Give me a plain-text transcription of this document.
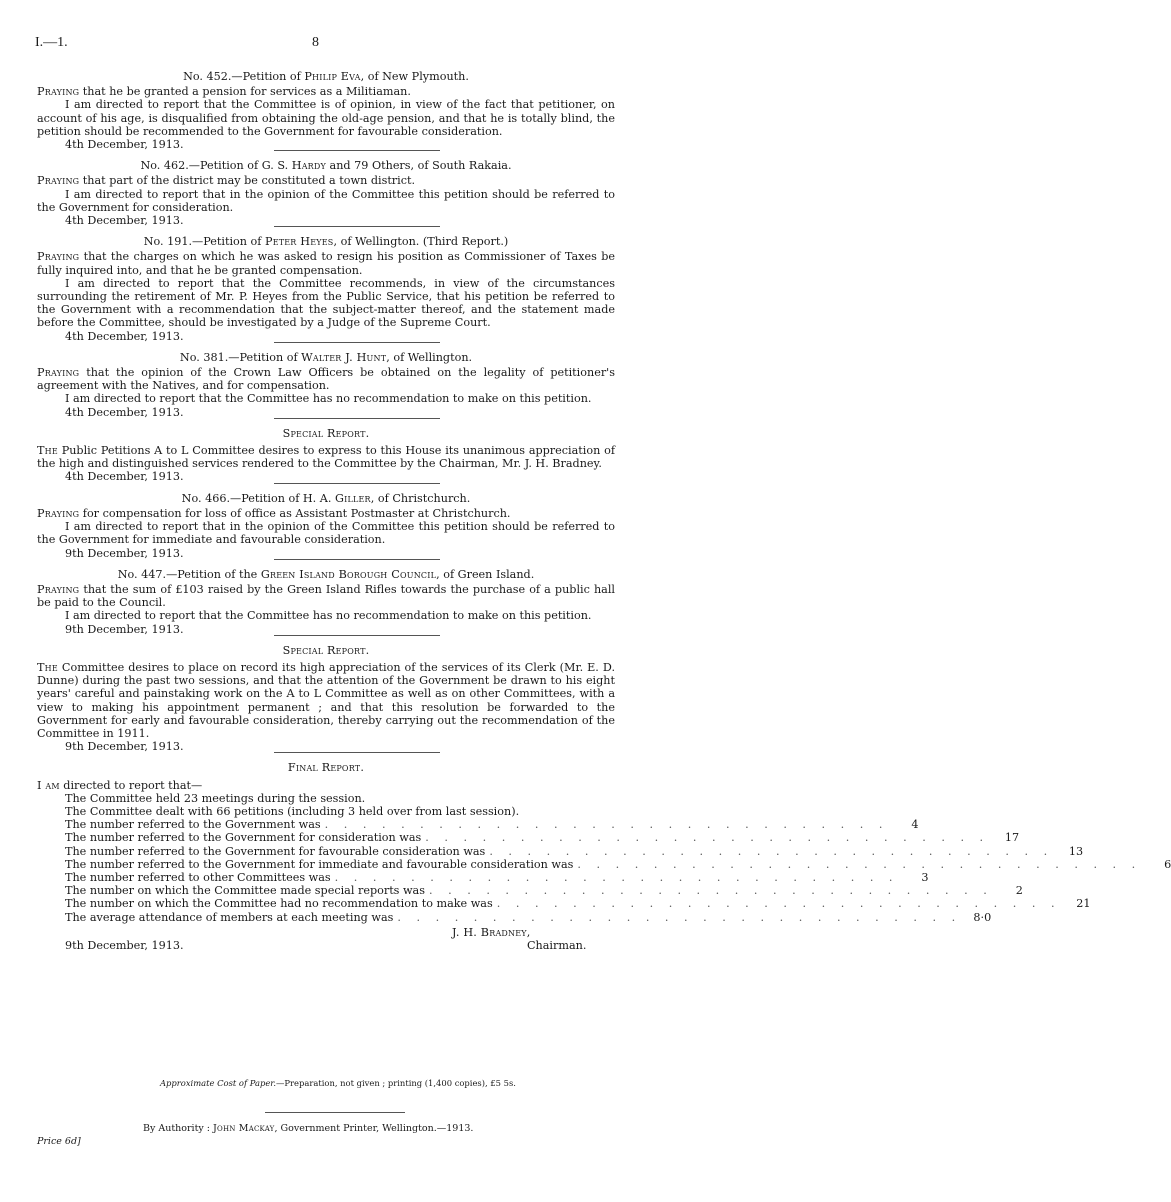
I.—1.	8
No. 452.—Petition of Philip Eva, of New Plymouth.

Praying that he be granted a pension for services as a Militiaman.

I am directed to report that the Committee is of opinion, in view of the fact that petitioner, on account of his age, is disqualified from obtaining the old-age pension, and that he is totally blind, the petition should be recommended to the Government for favourable consideration.

4th December, 1913.

No. 462.—Petition of G. S. Hardy and 79 Others, of South Rakaia.

Praying that part of the district may be constituted a town district.

I am directed to report that in the opinion of the Committee this petition should be referred to the Government for consideration.

4th December, 1913.

No. 191.—Petition of Peter Heyes, of Wellington. (Third Report.)

Praying that the charges on which he was asked to resign his position as Commissioner of Taxes be fully inquired into, and that he be granted compensation.

I am directed to report that the Committee recommends, in view of the circumstances surrounding the retirement of Mr. P. Heyes from the Public Service, that his petition be referred to the Government with a recommendation that the subject-matter thereof, and the statement made before the Committee, should be investigated by a Judge of the Supreme Court.

4th December, 1913.

No. 381.—Petition of Walter J. Hunt, of Wellington.

Praying that the opinion of the Crown Law Officers be obtained on the legality of petitioner's agreement with the Natives, and for compensation.

I am directed to report that the Committee has no recommendation to make on this petition.

4th December, 1913.

Special Report.

The Public Petitions A to L Committee desires to express to this House its unanimous appreciation of the high and distinguished services rendered to the Committee by the Chairman, Mr. J. H. Bradney.

4th December, 1913.

No. 466.—Petition of H. A. Giller, of Christchurch.

Praying for compensation for loss of office as Assistant Postmaster at Christchurch.

I am directed to report that in the opinion of the Committee this petition should be referred to the Government for immediate and favourable consideration.

9th December, 1913.

No. 447.—Petition of the Green Island Borough Council, of Green Island.

Praying that the sum of £103 raised by the Green Island Rifles towards the purchase of a public hall be paid to the Council.

I am directed to report that the Committee has no recommendation to make on this petition.

9th December, 1913.

Special Report.

The Committee desires to place on record its high appreciation of the services of its Clerk (Mr. E. D. Dunne) during the past two sessions, and that the attention of the Government be drawn to his eight years' careful and painstaking work on the A to L Committee as well as on other Committees, with a view to making his appointment permanent ; and that this resolution be forwarded to the Government for early and favourable consideration, thereby carrying out the recommendation of the Committee in 1911.

9th December, 1913.

Final Report.

I am directed to report that—

The Committee held 23 meetings during the session.
The Committee dealt with 66 petitions (including 3 held over from last session).
The number referred to the Government was . . . . . . . . . . . . . . . . . . . . . . . . . . . . . .	4
The number referred to the Government for consideration was . . . . . . . . . . . . . . . . . . . . . . . . . . . . . .	17
The number referred to the Government for favourable consideration was . . . . . . . . . . . . . . . . . . . . . . . . . . . . . .	13
The number referred to the Government for immediate and favourable consideration was . . . . . . . . . . . . . . . . . . . . . . . . . . . . . .	6
The number referred to other Committees was . . . . . . . . . . . . . . . . . . . . . . . . . . . . . .	3
The number on which the Committee made special reports was . . . . . . . . . . . . . . . . . . . . . . . . . . . . . .	2
The number on which the Committee had no recommendation to make was . . . . . . . . . . . . . . . . . . . . . . . . . . . . . .	21
The average attendance of members at each meeting was . . . . . . . . . . . . . . . . . . . . . . . . . . . . . .	8·0
J. H. Bradney,
Chairman.
9th December, 1913.
Approximate Cost of Paper.—Preparation, not given ; printing (1,400 copies), £5 5s.
By Authority : John Mackay, Government Printer, Wellington.—1913.
Price 6d]
